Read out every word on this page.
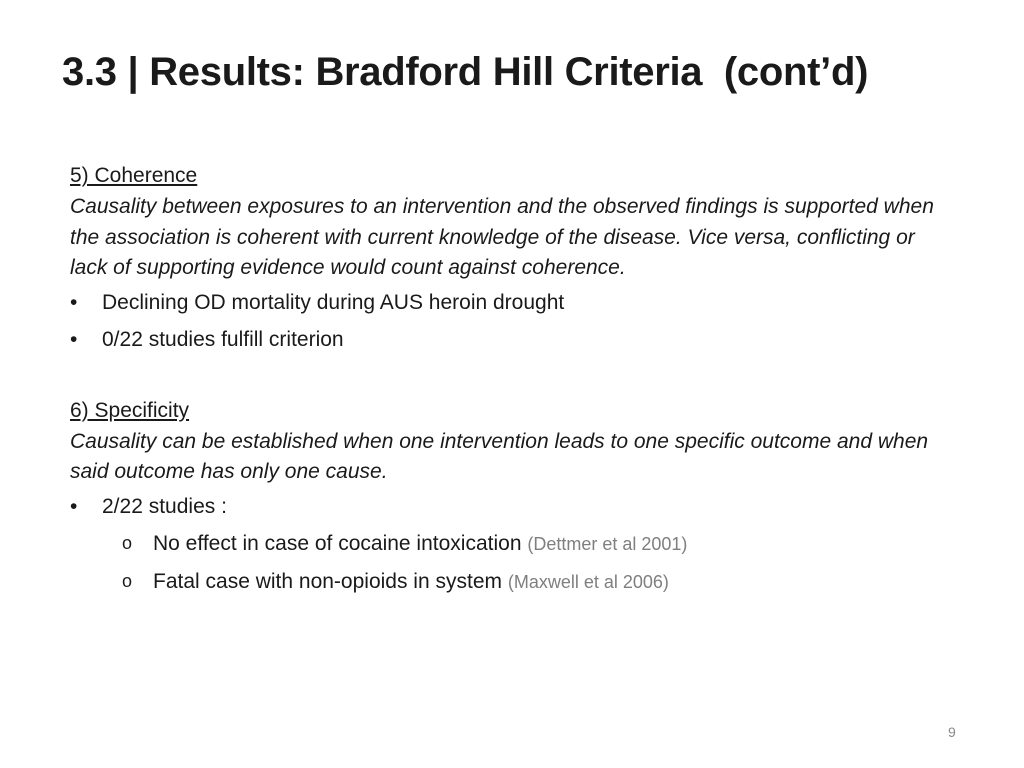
3.3 | Results: Bradford Hill Criteria  (cont’d)

5) Coherence

Causality between exposures to an intervention and the observed findings is supported when the association is coherent with current knowledge of the disease. Vice versa, conflicting or lack of supporting evidence would count against coherence.

• Declining OD mortality during AUS heroin drought
• 0/22 studies fulfill criterion

6) Specificity

Causality can be established when one intervention leads to one specific outcome and when said outcome has only one cause.

• 2/22 studies :
o No effect in case of cocaine intoxication (Dettmer et al 2001)
o Fatal case with non-opioids in system (Maxwell et al 2006)
9
